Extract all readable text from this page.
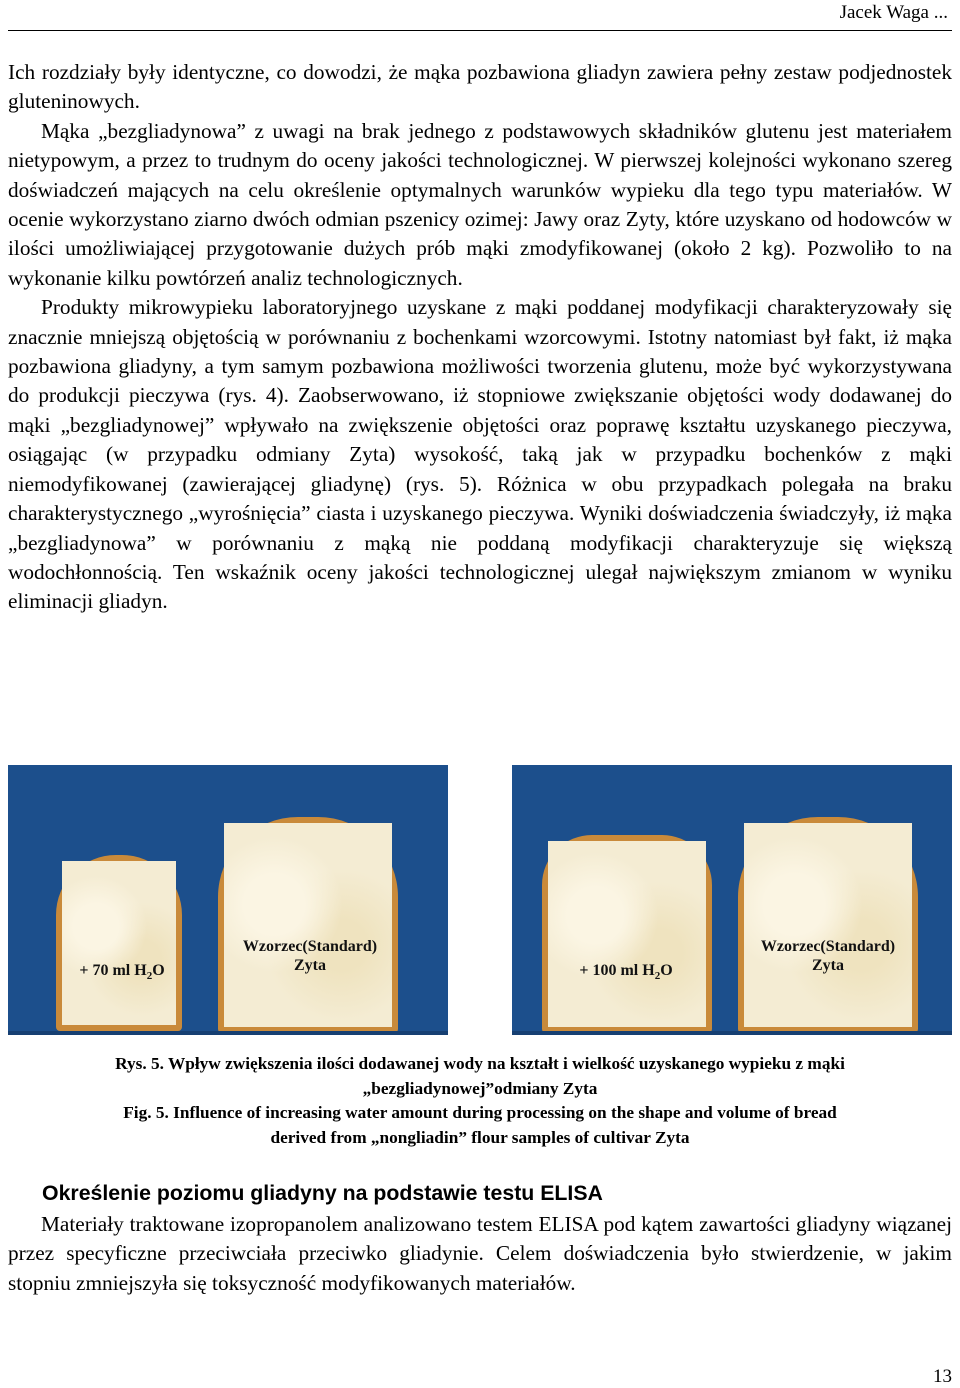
Jacek Waga ...

Ich rozdziały były identyczne, co dowodzi, że mąka pozbawiona gliadyn zawiera pełny zestaw podjednostek gluteninowych.

Mąka „bezgliadynowa” z uwagi na brak jednego z podstawowych składników glutenu jest materiałem nietypowym, a przez to trudnym do oceny jakości technologicznej. W pierwszej kolejności wykonano szereg doświadczeń mających na celu określenie optymalnych warunków wypieku dla tego typu materiałów. W ocenie wykorzystano ziarno dwóch odmian pszenicy ozimej: Jawy oraz Zyty, które uzyskano od hodowców w ilości umożliwiającej przygotowanie dużych prób mąki zmodyfikowanej (około 2 kg). Pozwoliło to na wykonanie kilku powtórzeń analiz technologicznych.

Produkty mikrowypieku laboratoryjnego uzyskane z mąki poddanej modyfikacji charakteryzowały się znacznie mniejszą objętością w porównaniu z bochenkami wzorcowymi. Istotny natomiast był fakt, iż mąka pozbawiona gliadyny, a tym samym pozbawiona możliwości tworzenia glutenu, może być wykorzystywana do produkcji pieczywa (rys. 4). Zaobserwowano, iż stopniowe zwiększanie objętości wody dodawanej do mąki „bezgliadynowej” wpływało na zwiększenie objętości oraz poprawę kształtu uzyskanego pieczywa, osiągając (w przypadku odmiany Zyta) wysokość, taką jak w przypadku bochenków z mąki niemodyfikowanej (zawierającej gliadynę) (rys. 5). Różnica w obu przypadkach polegała na braku charakterystycznego „wyrośnięcia” ciasta i uzyskanego pieczywa. Wyniki doświadczenia świadczyły, iż mąka „bezgliadynowa” w porównaniu z mąką nie poddaną modyfikacji charakteryzuje się większą wodochłonnością. Ten wskaźnik oceny jakości technologicznej ulegał największym zmianom w wyniku eliminacji gliadyn.

+ 70 ml $H_2O$
Wzorzec(Standard)
Zyta	+ 100 ml $H_2O$
Wzorzec(Standard)
Zyta
Rys. 5. Wpływ zwiększenia ilości dodawanej wody na kształt i wielkość uzyskanego wypieku z mąki
„bezgliadynowej”odmiany Zyta
Fig. 5. Influence of increasing water amount during processing on the shape and volume of bread
derived from „nongliadin” flour samples of cultivar Zyta
Określenie poziomu gliadyny na podstawie testu ELISA

Materiały traktowane izopropanolem analizowano testem ELISA pod kątem zawartości gliadyny wiązanej przez specyficzne przeciwciała przeciwko gliadynie. Celem doświadczenia było stwierdzenie, w jakim stopniu zmniejszyła się toksyczność modyfikowanych materiałów.

13
